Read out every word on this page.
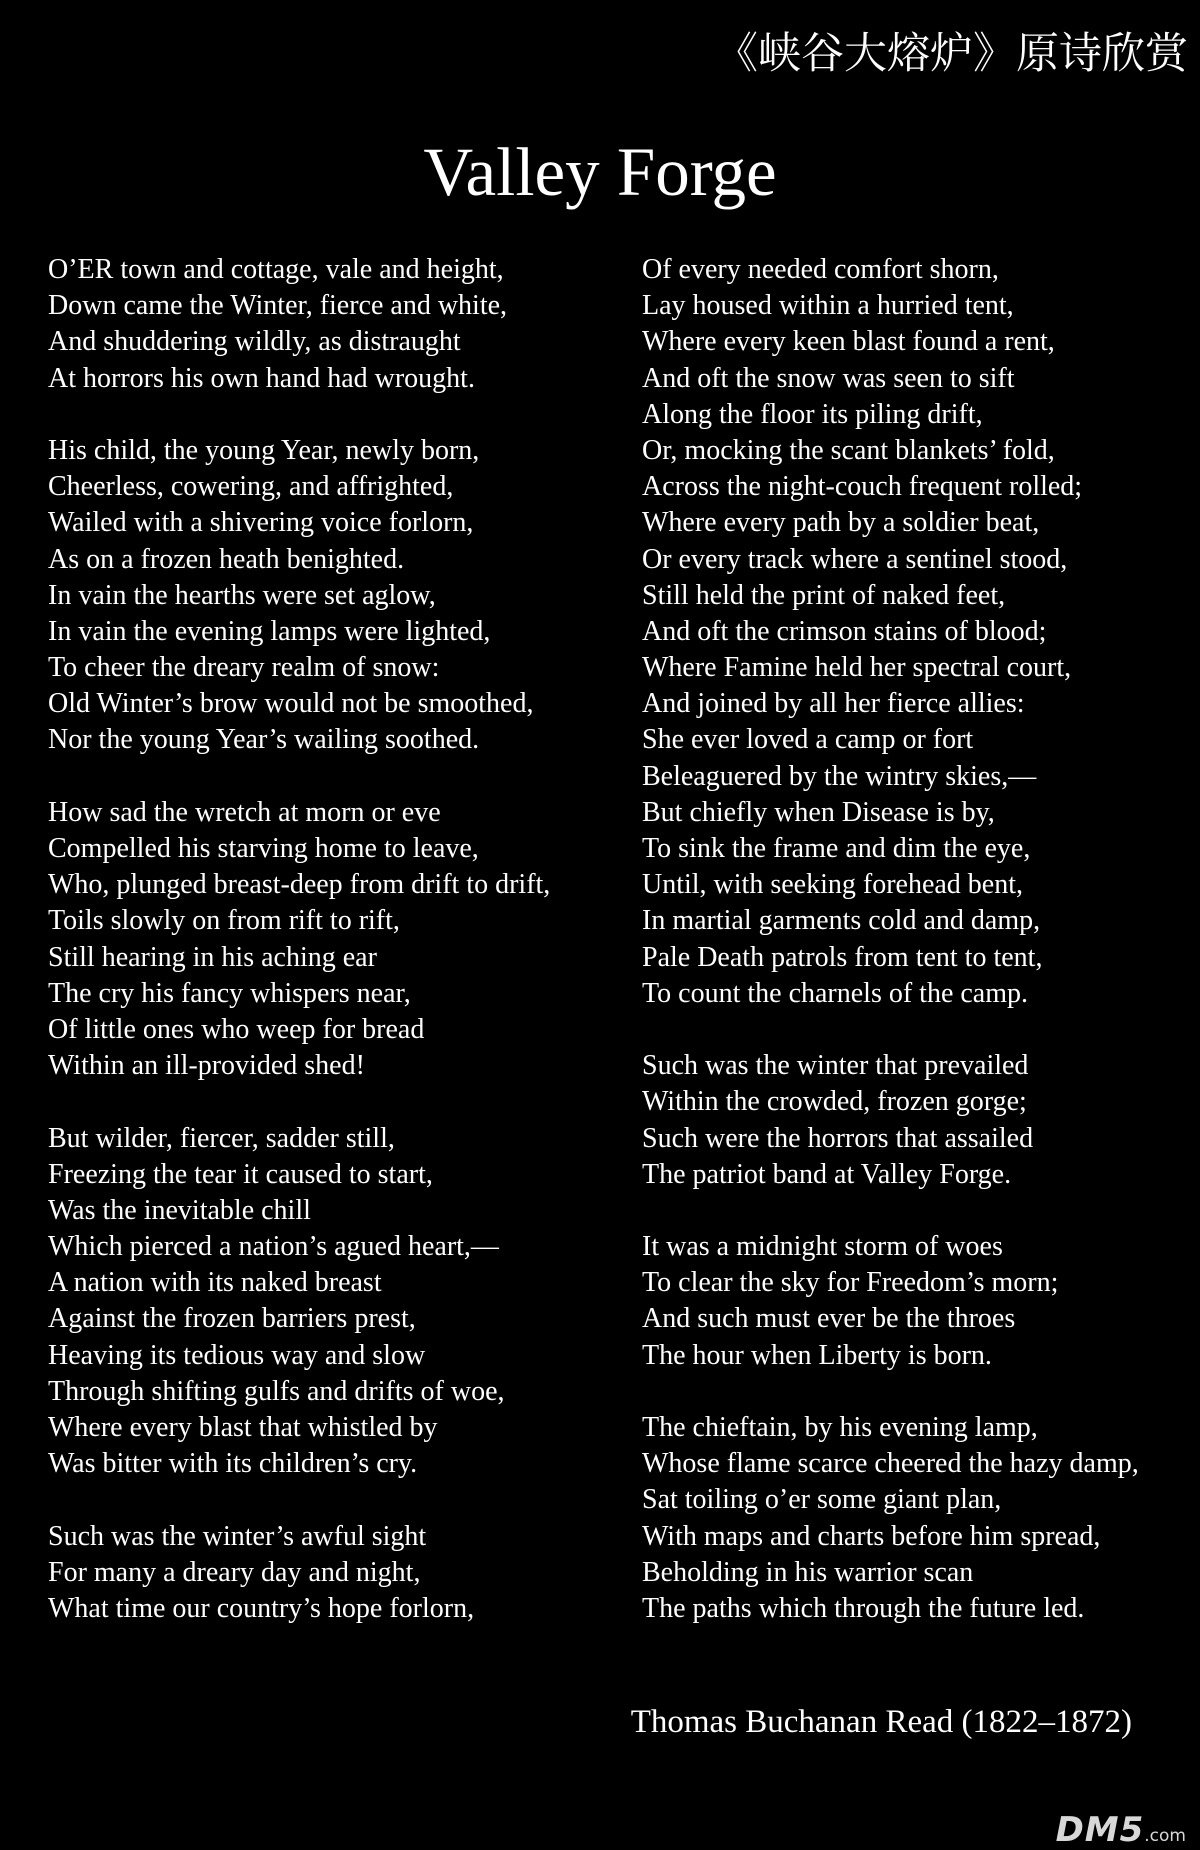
《峡谷大熔炉》原诗欣赏
Valley Forge
O’ER town and cottage, vale and height,
Down came the Winter, fierce and white,
And shuddering wildly, as distraught
At horrors his own hand had wrought.
His child, the young Year, newly born,
Cheerless, cowering, and affrighted,
Wailed with a shivering voice forlorn,
As on a frozen heath benighted.
In vain the hearths were set aglow,
In vain the evening lamps were lighted,
To cheer the dreary realm of snow:
Old Winter’s brow would not be smoothed,
Nor the young Year’s wailing soothed.
How sad the wretch at morn or eve
Compelled his starving home to leave,
Who, plunged breast-deep from drift to drift,
Toils slowly on from rift to rift,
Still hearing in his aching ear
The cry his fancy whispers near,
Of little ones who weep for bread
Within an ill-provided shed!
But wilder, fiercer, sadder still,
Freezing the tear it caused to start,
Was the inevitable chill
Which pierced a nation’s agued heart,—
A nation with its naked breast
Against the frozen barriers prest,
Heaving its tedious way and slow
Through shifting gulfs and drifts of woe,
Where every blast that whistled by
Was bitter with its children’s cry.
Such was the winter’s awful sight
For many a dreary day and night,
What time our country’s hope forlorn,
Of every needed comfort shorn,
Lay housed within a hurried tent,
Where every keen blast found a rent,
And oft the snow was seen to sift
Along the floor its piling drift,
Or, mocking the scant blankets’ fold,
Across the night-couch frequent rolled;
Where every path by a soldier beat,
Or every track where a sentinel stood,
Still held the print of naked feet,
And oft the crimson stains of blood;
Where Famine held her spectral court,
And joined by all her fierce allies:
She ever loved a camp or fort
Beleaguered by the wintry skies,—
But chiefly when Disease is by,
To sink the frame and dim the eye,
Until, with seeking forehead bent,
In martial garments cold and damp,
Pale Death patrols from tent to tent,
To count the charnels of the camp.
Such was the winter that prevailed
Within the crowded, frozen gorge;
Such were the horrors that assailed
The patriot band at Valley Forge.
It was a midnight storm of woes
To clear the sky for Freedom’s morn;
And such must ever be the throes
The hour when Liberty is born.
The chieftain, by his evening lamp,
Whose flame scarce cheered the hazy damp,
Sat toiling o’er some giant plan,
With maps and charts before him spread,
Beholding in his warrior scan
The paths which through the future led.
Thomas Buchanan Read (1822–1872)
DM5.com
